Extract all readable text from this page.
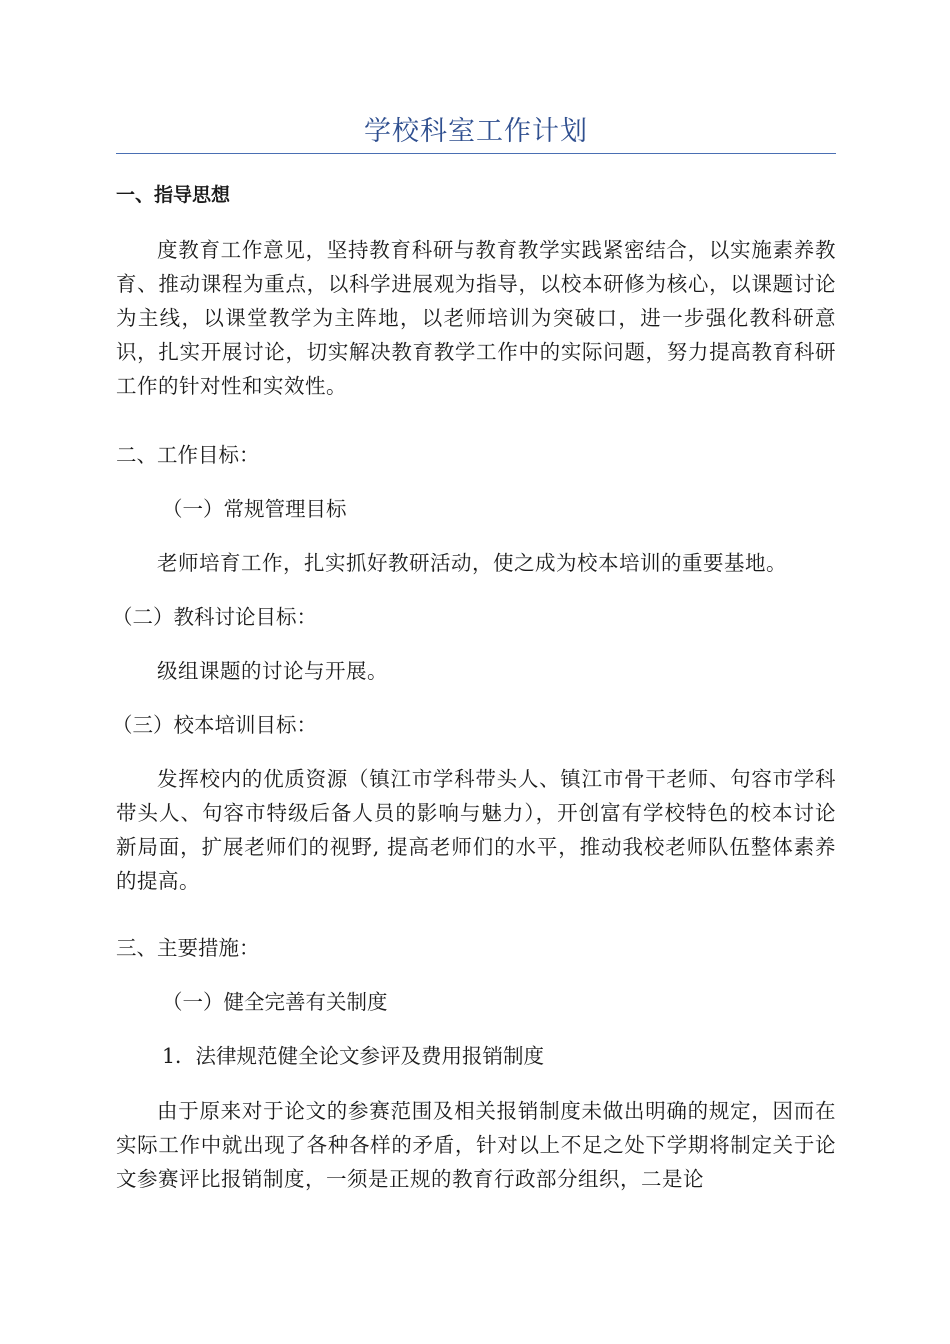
学校科室工作计划
一、指导思想
度教育工作意见，坚持教育科研与教育教学实践紧密结合，以实施素养教育、推动课程为重点，以科学进展观为指导，以校本研修为核心，以课题讨论为主线，以课堂教学为主阵地，以老师培训为突破口，进一步强化教科研意识，扎实开展讨论，切实解决教育教学工作中的实际问题，努力提高教育科研工作的针对性和实效性。
二、工作目标：
（一）常规管理目标
老师培育工作，扎实抓好教研活动，使之成为校本培训的重要基地。
（二）教科讨论目标：
级组课题的讨论与开展。
（三）校本培训目标：
发挥校内的优质资源（镇江市学科带头人、镇江市骨干老师、句容市学科带头人、句容市特级后备人员的影响与魅力），开创富有学校特色的校本讨论新局面，扩展老师们的视野, 提高老师们的水平，推动我校老师队伍整体素养的提高。
三、主要措施：
（一）健全完善有关制度
1．法律规范健全论文参评及费用报销制度
由于原来对于论文的参赛范围及相关报销制度未做出明确的规定，因而在实际工作中就出现了各种各样的矛盾，针对以上不足之处下学期将制定关于论文参赛评比报销制度，一须是正规的教育行政部分组织，二是论
